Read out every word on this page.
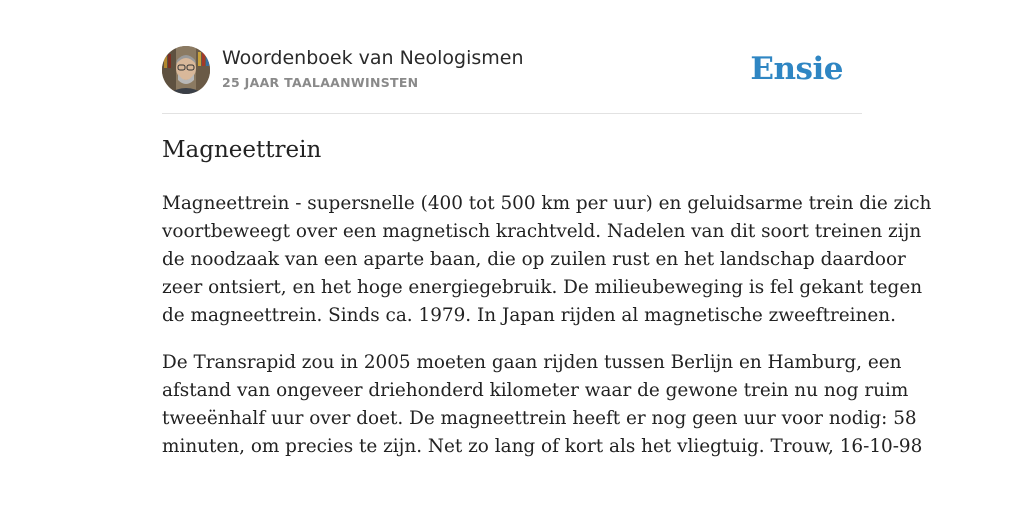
Woordenboek van Neologismen
25 JAAR TAALAANWINSTEN	Ensie
Magneettrein

Magneettrein - supersnelle (400 tot 500 km per uur) en geluidsarme trein die zich
voortbeweegt over een magnetisch krachtveld. Nadelen van dit soort treinen zijn
de noodzaak van een aparte baan, die op zuilen rust en het landschap daardoor
zeer ontsiert, en het hoge energiegebruik. De milieubeweging is fel gekant tegen
de magneettrein. Sinds ca. 1979. In Japan rijden al magnetische zweeftreinen.

De Transrapid zou in 2005 moeten gaan rijden tussen Berlijn en Hamburg, een
afstand van ongeveer driehonderd kilometer waar de gewone trein nu nog ruim
tweeënhalf uur over doet. De magneettrein heeft er nog geen uur voor nodig: 58
minuten, om precies te zijn. Net zo lang of kort als het vliegtuig. Trouw, 16-10-98
